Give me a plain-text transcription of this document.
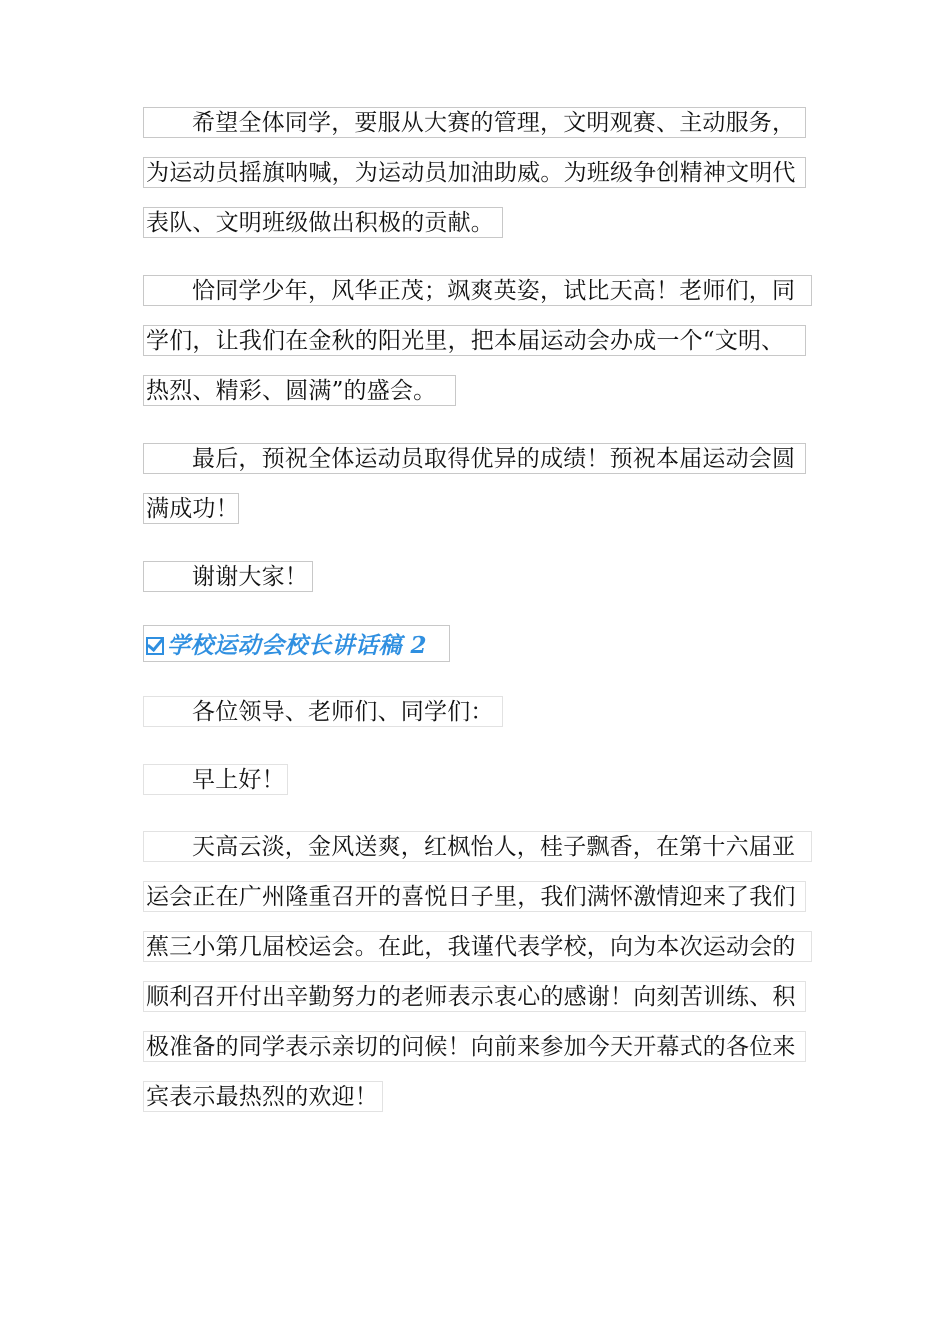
希望全体同学，要服从大赛的管理，文明观赛、主动服务，
为运动员摇旗呐喊，为运动员加油助威。为班级争创精神文明代
表队、文明班级做出积极的贡献。
恰同学少年，风华正茂；飒爽英姿，试比天高！老师们，同
学们，让我们在金秋的阳光里，把本届运动会办成一个“文明、
热烈、精彩、圆满”的盛会。
最后，预祝全体运动员取得优异的成绩！预祝本届运动会圆
满成功！
谢谢大家！
学校运动会校长讲话稿 2
各位领导、老师们、同学们：
早上好！
天高云淡，金风送爽，红枫怡人，桂子飘香，在第十六届亚
运会正在广州隆重召开的喜悦日子里，我们满怀激情迎来了我们
蕉三小第几届校运会。在此，我谨代表学校，向为本次运动会的
顺利召开付出辛勤努力的老师表示衷心的感谢！向刻苦训练、积
极准备的同学表示亲切的问候！向前来参加今天开幕式的各位来
宾表示最热烈的欢迎！
